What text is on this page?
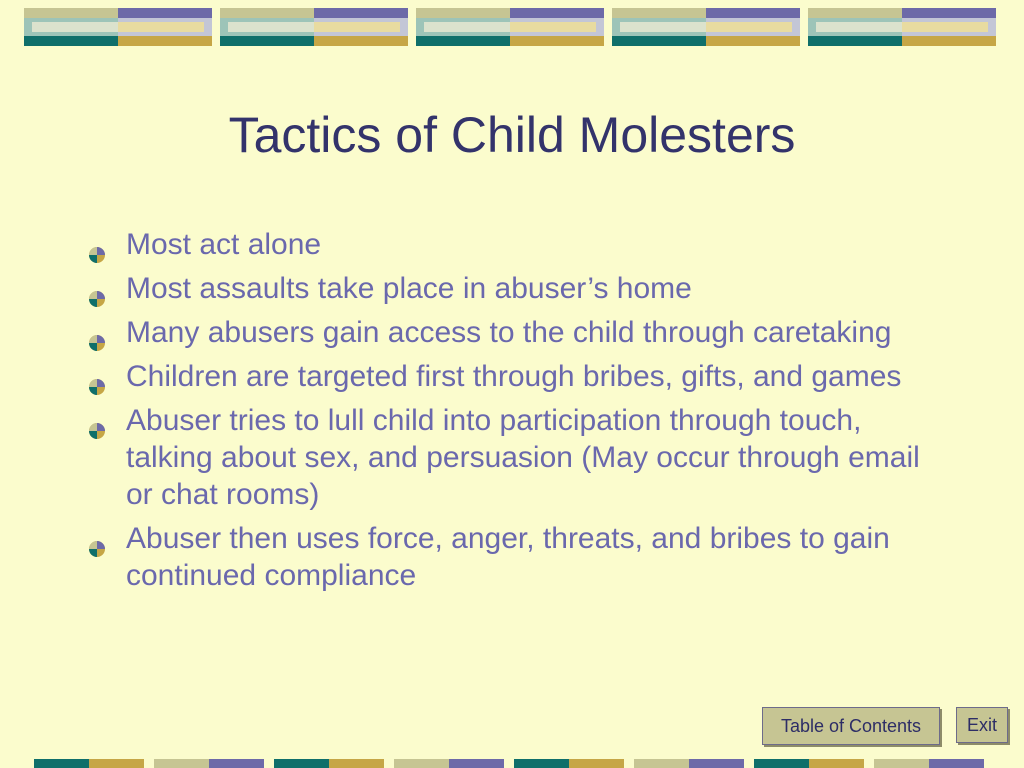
Tactics of Child Molesters
Most act alone
Most assaults take place in abuser’s home
Many abusers gain access to the child through caretaking
Children are targeted first through bribes, gifts, and games
Abuser tries to lull child into participation through touch, talking about sex, and persuasion (May occur through email or chat rooms)
Abuser then uses force, anger, threats, and bribes to gain continued compliance
Table of Contents	Exit
